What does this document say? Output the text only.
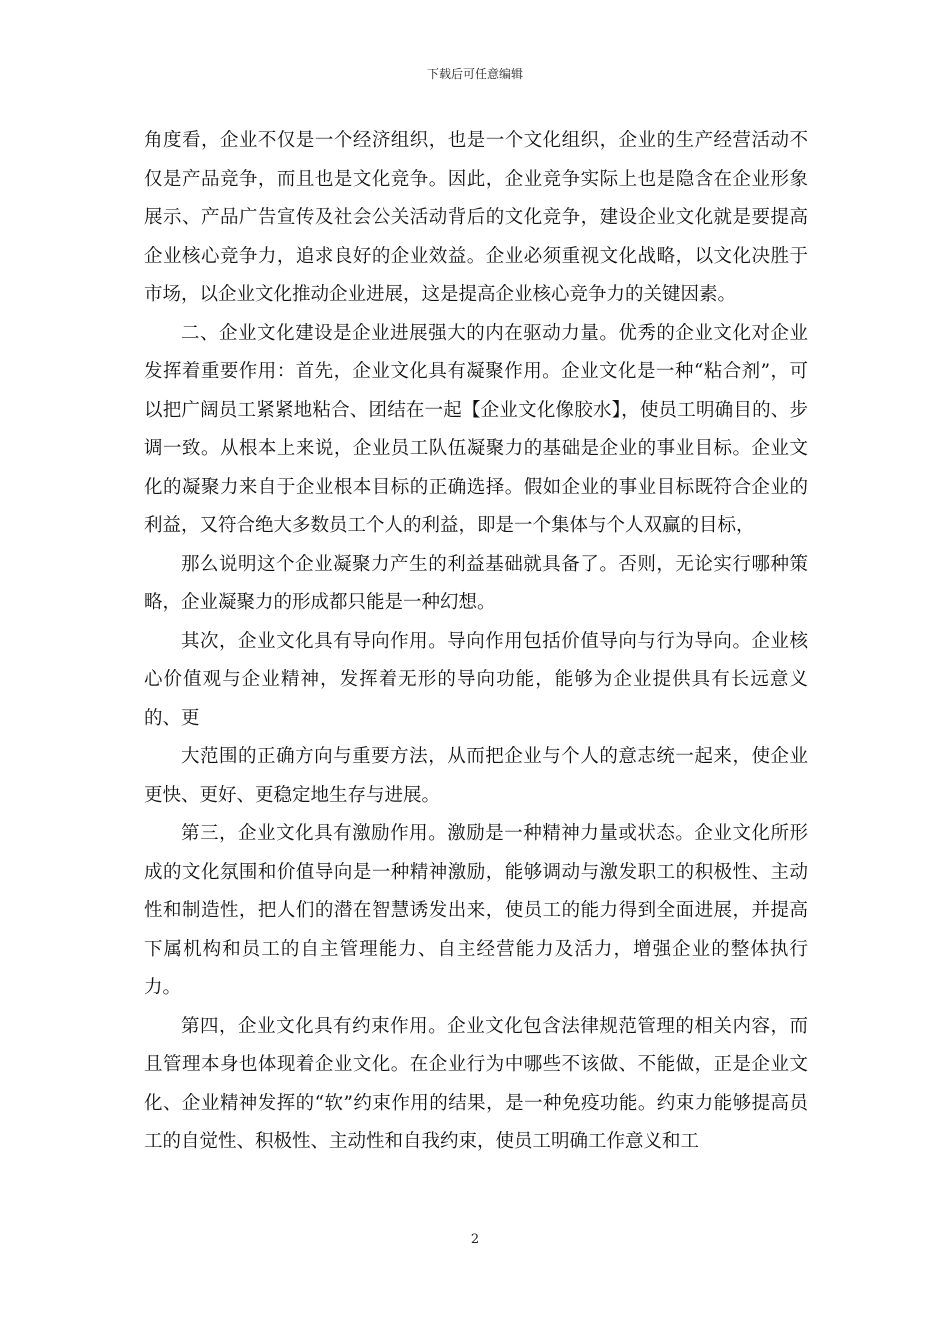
下载后可任意编辑

角度看，企业不仅是一个经济组织，也是一个文化组织，企业的生产经营活动不仅是产品竞争，而且也是文化竞争。因此，企业竞争实际上也是隐含在企业形象展示、产品广告宣传及社会公关活动背后的文化竞争，建设企业文化就是要提高企业核心竞争力，追求良好的企业效益。企业必须重视文化战略，以文化决胜于市场，以企业文化推动企业进展，这是提高企业核心竞争力的关键因素。

二、企业文化建设是企业进展强大的内在驱动力量。优秀的企业文化对企业发挥着重要作用：首先，企业文化具有凝聚作用。企业文化是一种“粘合剂”，可以把广阔员工紧紧地粘合、团结在一起【企业文化像胶水】，使员工明确目的、步调一致。从根本上来说，企业员工队伍凝聚力的基础是企业的事业目标。企业文化的凝聚力来自于企业根本目标的正确选择。假如企业的事业目标既符合企业的利益，又符合绝大多数员工个人的利益，即是一个集体与个人双赢的目标，

那么说明这个企业凝聚力产生的利益基础就具备了。否则，无论实行哪种策略，企业凝聚力的形成都只能是一种幻想。

其次，企业文化具有导向作用。导向作用包括价值导向与行为导向。企业核心价值观与企业精神，发挥着无形的导向功能，能够为企业提供具有长远意义的、更

大范围的正确方向与重要方法，从而把企业与个人的意志统一起来，使企业更快、更好、更稳定地生存与进展。

第三，企业文化具有激励作用。激励是一种精神力量或状态。企业文化所形成的文化氛围和价值导向是一种精神激励，能够调动与激发职工的积极性、主动性和制造性，把人们的潜在智慧诱发出来，使员工的能力得到全面进展，并提高下属机构和员工的自主管理能力、自主经营能力及活力，增强企业的整体执行力。

第四，企业文化具有约束作用。企业文化包含法律规范管理的相关内容，而且管理本身也体现着企业文化。在企业行为中哪些不该做、不能做，正是企业文化、企业精神发挥的“软”约束作用的结果，是一种免疫功能。约束力能够提高员工的自觉性、积极性、主动性和自我约束，使员工明确工作意义和工

2
